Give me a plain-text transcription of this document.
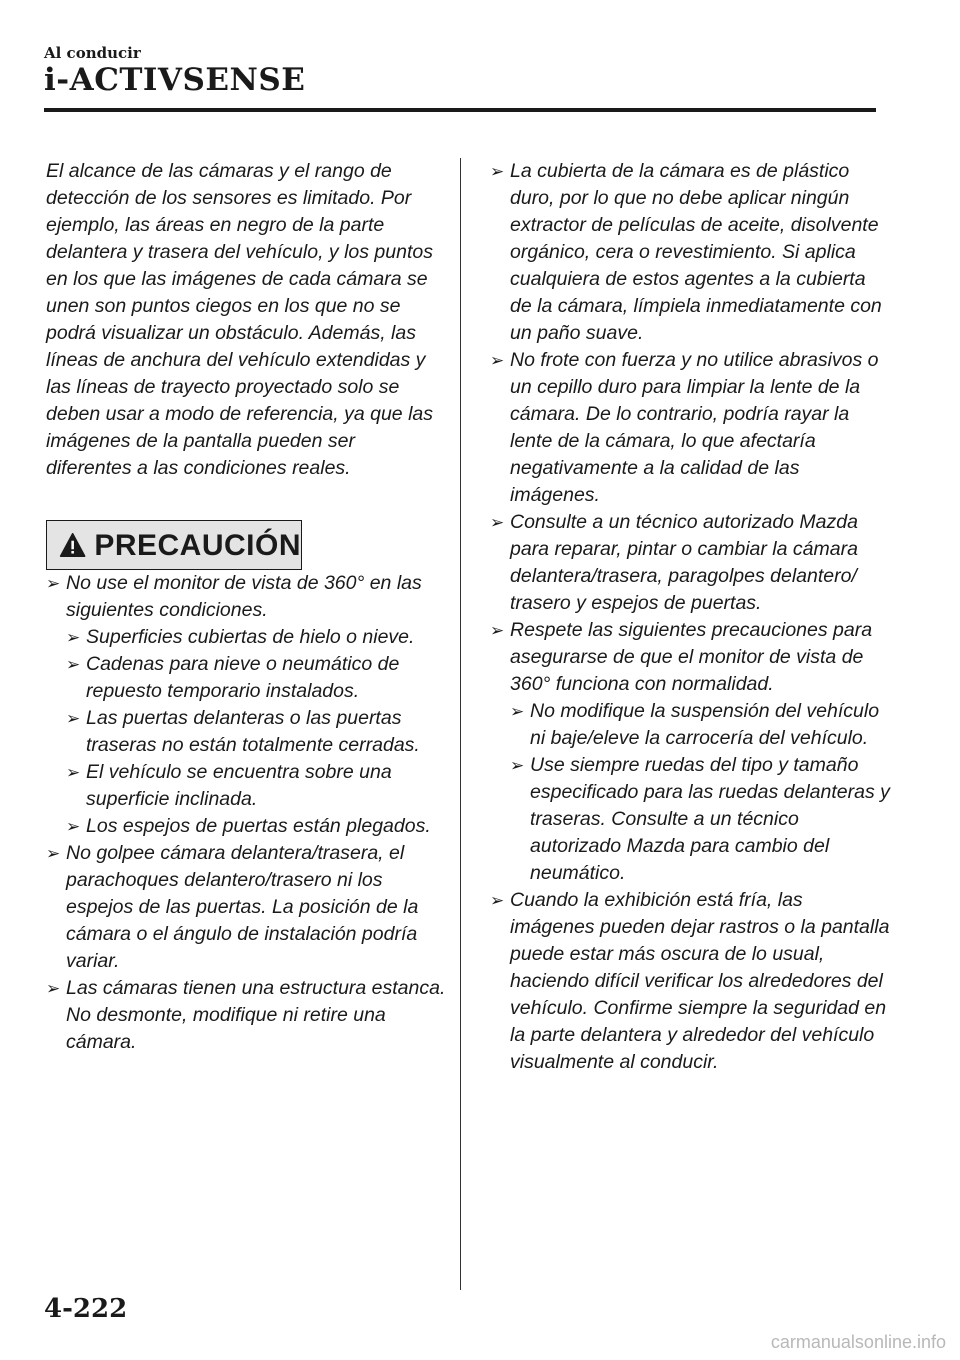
Al conducir
i-ACTIVSENSE

El alcance de las cámaras y el rango de detección de los sensores es limitado. Por ejemplo, las áreas en negro de la parte delantera y trasera del vehículo, y los puntos en los que las imágenes de cada cámara se unen son puntos ciegos en los que no se podrá visualizar un obstáculo. Además, las líneas de anchura del vehículo extendidas y las líneas de trayecto proyectado solo se deben usar a modo de referencia, ya que las imágenes de la pantalla pueden ser diferentes a las condiciones reales.

PRECAUCIÓN
➢ No use el monitor de vista de 360° en las siguientes condiciones.
➢ Superficies cubiertas de hielo o nieve.
➢ Cadenas para nieve o neumático de repuesto temporario instalados.
➢ Las puertas delanteras o las puertas traseras no están totalmente cerradas.
➢ El vehículo se encuentra sobre una superficie inclinada.
➢ Los espejos de puertas están plegados.
➢ No golpee cámara delantera/trasera, el parachoques delantero/trasero ni los espejos de las puertas. La posición de la cámara o el ángulo de instalación podría variar.
➢ Las cámaras tienen una estructura estanca. No desmonte, modifique ni retire una cámara.
➢ La cubierta de la cámara es de plástico duro, por lo que no debe aplicar ningún extractor de películas de aceite, disolvente orgánico, cera o revestimiento. Si aplica cualquiera de estos agentes a la cubierta de la cámara, límpiela inmediatamente con un paño suave.
➢ No frote con fuerza y no utilice abrasivos o un cepillo duro para limpiar la lente de la cámara. De lo contrario, podría rayar la lente de la cámara, lo que afectaría negativamente a la calidad de las imágenes.
➢ Consulte a un técnico autorizado Mazda para reparar, pintar o cambiar la cámara delantera/trasera, paragolpes delantero/ trasero y espejos de puertas.
➢ Respete las siguientes precauciones para asegurarse de que el monitor de vista de 360° funciona con normalidad.
➢ No modifique la suspensión del vehículo ni baje/eleve la carrocería del vehículo.
➢ Use siempre ruedas del tipo y tamaño especificado para las ruedas delanteras y traseras. Consulte a un técnico autorizado Mazda para cambio del neumático.
➢ Cuando la exhibición está fría, las imágenes pueden dejar rastros o la pantalla puede estar más oscura de lo usual, haciendo difícil verificar los alrededores del vehículo. Confirme siempre la seguridad en la parte delantera y alrededor del vehículo visualmente al conducir.
4-222
carmanualsonline.info
